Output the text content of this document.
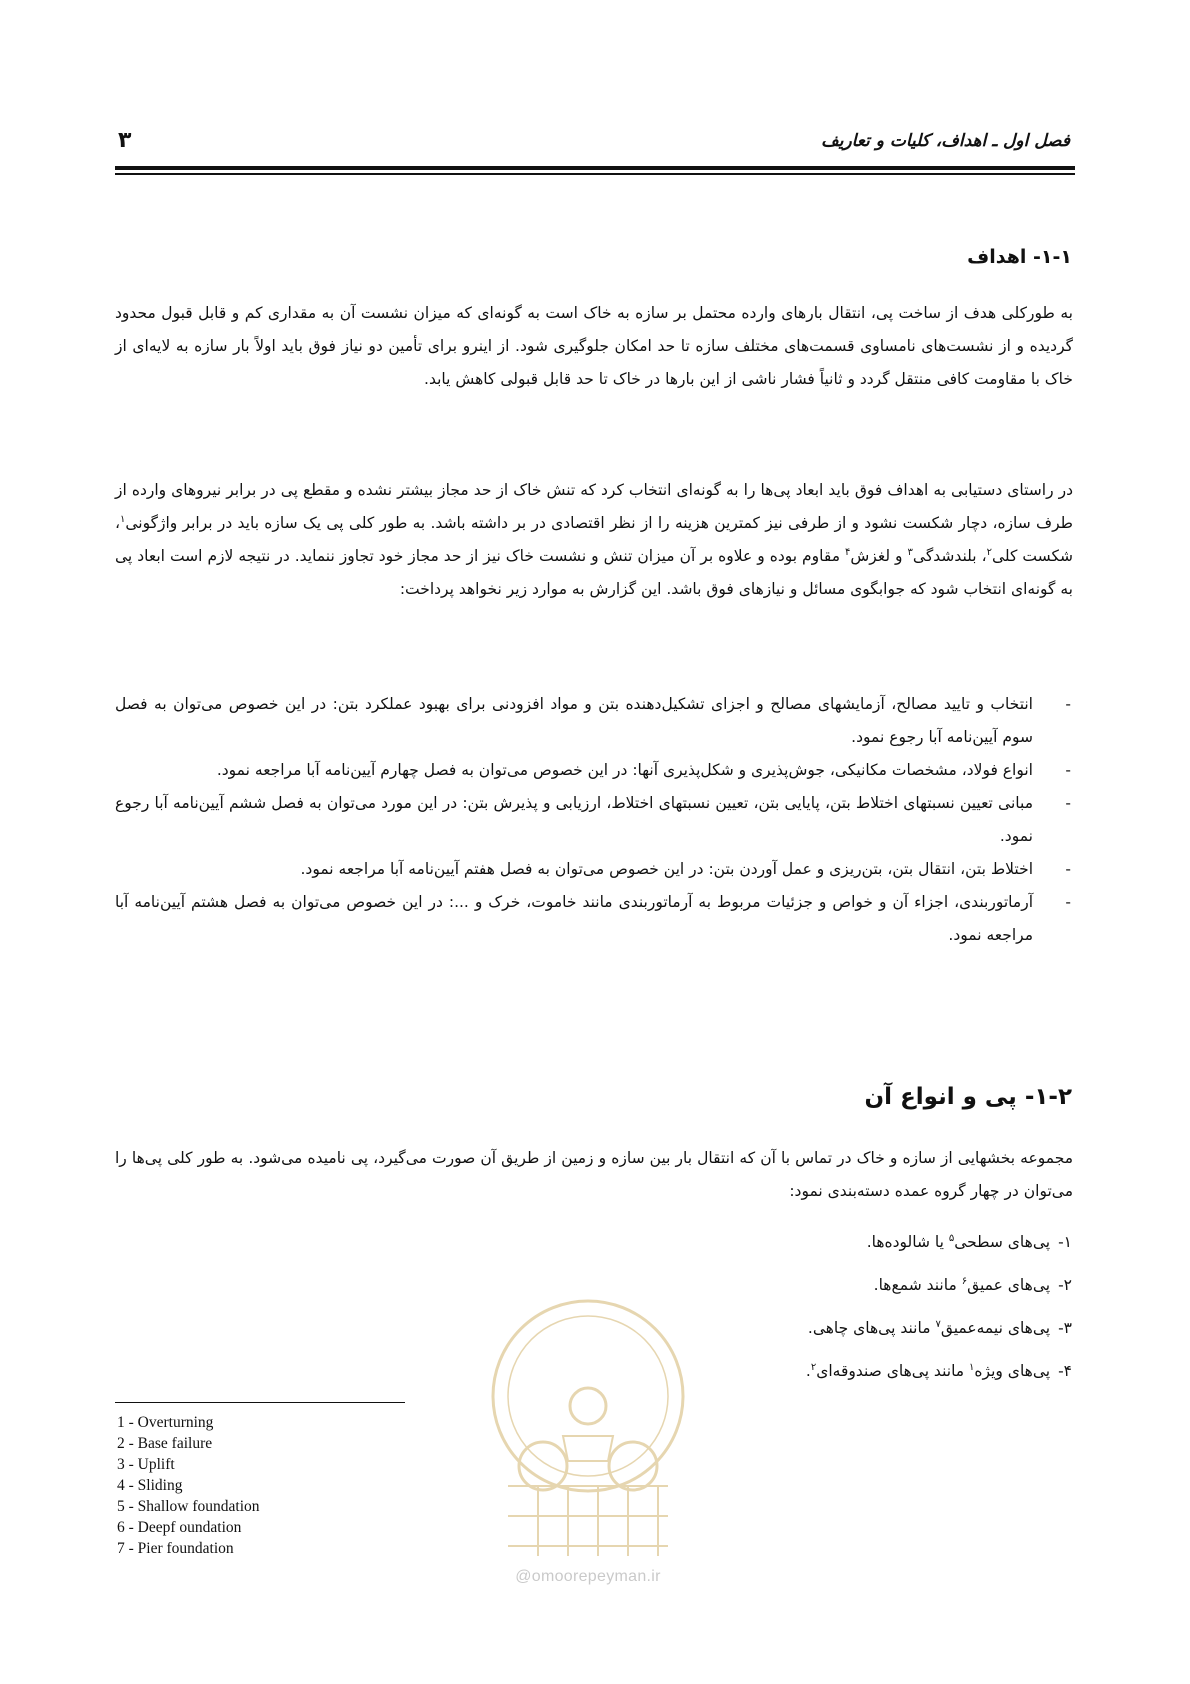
فصل اول ـ اهداف، کلیات و تعاریف
۳
۱-۱- اهداف

به طورکلی هدف از ساخت پی، انتقال بارهای وارده محتمل بر سازه به خاک است به گونه‌ای که میزان نشست آن به مقداری کم و قابل قبول محدود گردیده و از نشست‌های نامساوی قسمت‌های مختلف سازه تا حد امکان جلوگیری شود. از اینرو برای تأمین دو نیاز فوق باید اولاً بار سازه به لایه‌ای از خاک با مقاومت کافی منتقل گردد و ثانیاً فشار ناشی از این بارها در خاک تا حد قابل قبولی کاهش یابد.

در راستای دستیابی به اهداف فوق باید ابعاد پی‌ها را به گونه‌ای انتخاب کرد که تنش خاک از حد مجاز بیشتر نشده و مقطع پی در برابر نیروهای وارده از طرف سازه، دچار شکست نشود و از طرفی نیز کمترین هزینه را از نظر اقتصادی در بر داشته باشد. به طور کلی پی یک سازه باید در برابر واژگونی$^۱$، شکست کلی$^۲$، بلندشدگی$^۳$ و لغزش$^۴$ مقاوم بوده و علاوه بر آن میزان تنش و نشست خاک نیز از حد مجاز خود تجاوز ننماید. در نتیجه لازم است ابعاد پی به گونه‌ای انتخاب شود که جوابگوی مسائل و نیازهای فوق باشد. این گزارش به موارد زیر نخواهد پرداخت:

-
انتخاب و تایید مصالح، آزمایشهای مصالح و اجزای تشکیل‌دهنده بتن و مواد افزودنی برای بهبود عملکرد بتن: در این خصوص می‌توان به فصل سوم آیین‌نامه آبا رجوع نمود.
-
انواع فولاد، مشخصات مکانیکی، جوش‌پذیری و شکل‌پذیری آنها: در این خصوص می‌توان به فصل چهارم آیین‌نامه آبا مراجعه نمود.
-
مبانی تعیین نسبتهای اختلاط بتن، پایایی بتن، تعیین نسبتهای اختلاط، ارزیابی و پذیرش بتن: در این مورد می‌توان به فصل ششم آیین‌نامه آبا رجوع نمود.
-
اختلاط بتن، انتقال بتن، بتن‌ریزی و عمل آوردن بتن: در این خصوص می‌توان به فصل هفتم آیین‌نامه آبا مراجعه نمود.
-
آرماتوربندی، اجزاء آن و خواص و جزئیات مربوط به آرماتوربندی مانند خاموت، خرک و ...: در این خصوص می‌توان به فصل هشتم آیین‌نامه آبا مراجعه نمود.
۱-۲- پی و انواع آن

مجموعه بخشهایی از سازه و خاک در تماس با آن که انتقال بار بین سازه و زمین از طریق آن صورت می‌گیرد، پی نامیده می‌شود. به طور کلی پی‌ها را می‌توان در چهار گروه عمده دسته‌بندی نمود:

۱-پی‌های سطحی$^۵$ یا شالوده‌ها.
۲-پی‌های عمیق$^۶$ مانند شمع‌ها.
۳-پی‌های نیمه‌عمیق$^۷$ مانند پی‌های چاهی.
۴-پی‌های ویژه$^۱$ مانند پی‌های صندوقه‌ای$^۲$.
@omoorepeyman.ir
1 - Overturning
2 - Base failure
3 - Uplift
4 - Sliding
5 - Shallow foundation
6 - Deepf oundation
7 - Pier foundation
